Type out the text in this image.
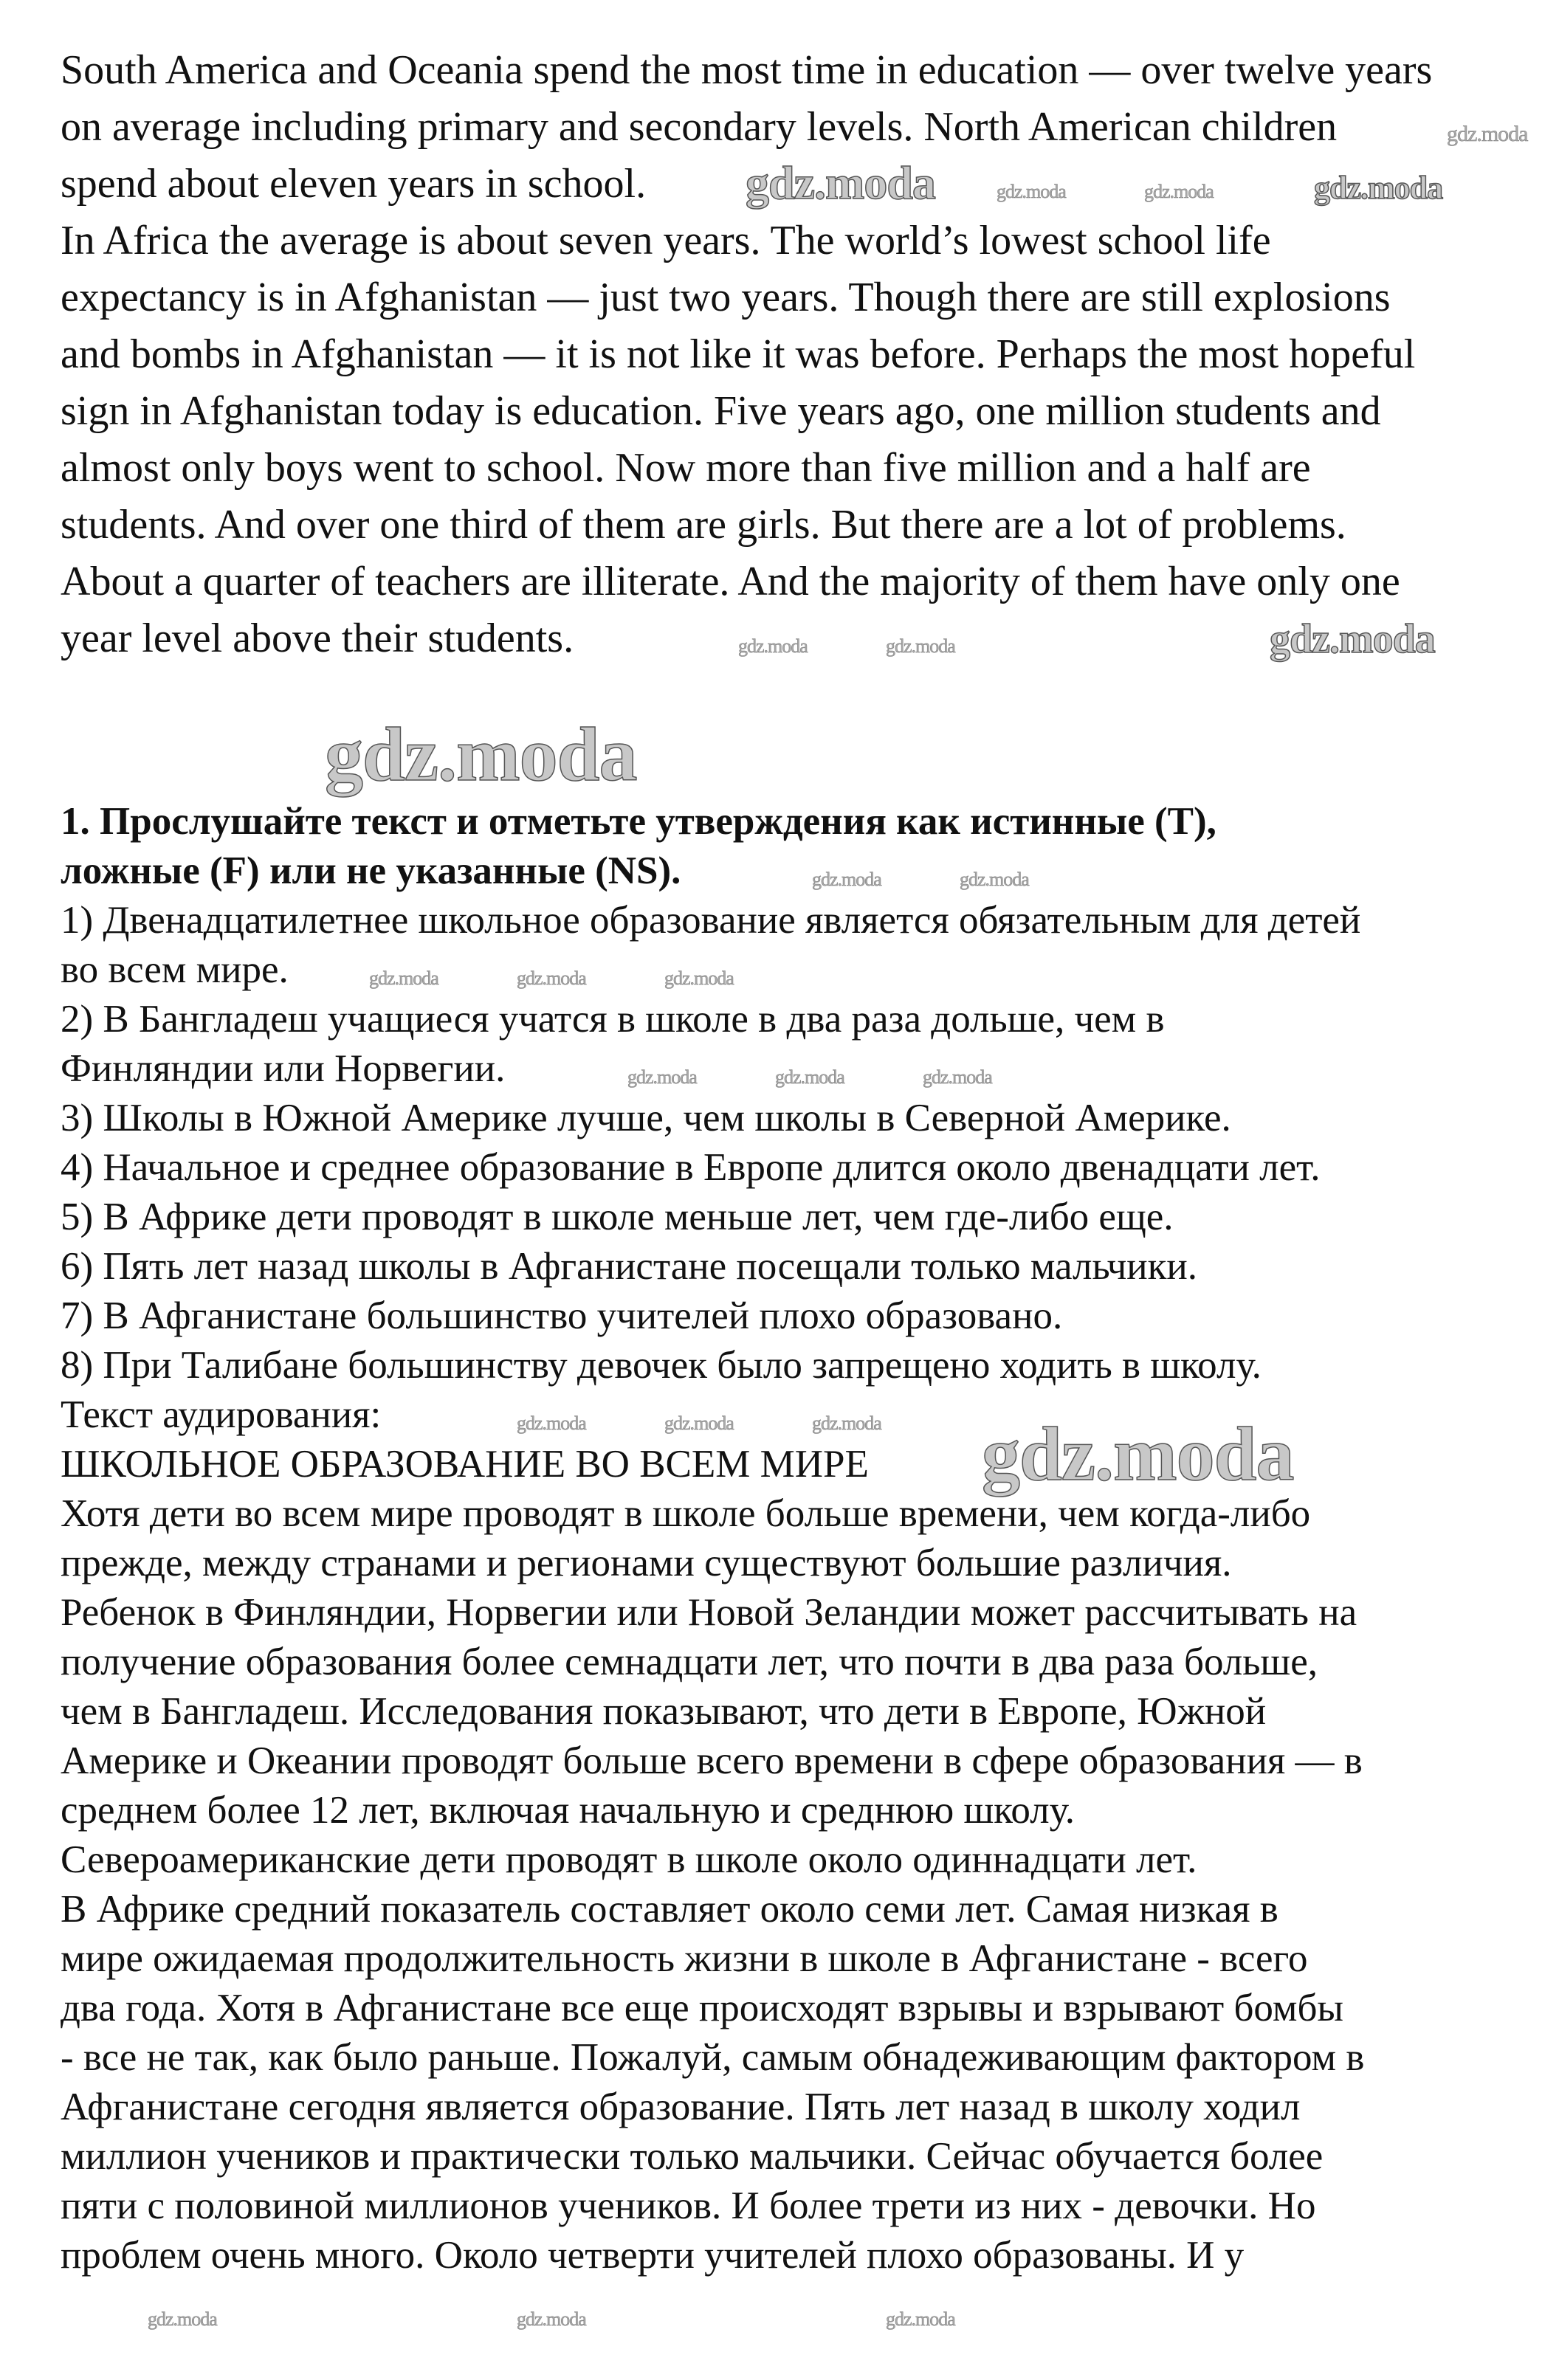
South America and Oceania spend the most time in education — over twelve years
on average including primary and secondary levels. North American children
spend about eleven years in school.
In Africa the average is about seven years. The world’s lowest school life
expectancy is in Afghanistan — just two years. Though there are still explosions
and bombs in Afghanistan — it is not like it was before. Perhaps the most hopeful
sign in Afghanistan today is education. Five years ago, one million students and
almost only boys went to school. Now more than five million and a half are
students. And over one third of them are girls. But there are a lot of problems.
About a quarter of teachers are illiterate. And the majority of them have only one
year level above their students.
1. Прослушайте текст и отметьте утверждения как истинные (T),
ложные (F) или не указанные (NS).
1) Двенадцатилетнее школьное образование является обязательным для детей
во всем мире.
2) В Бангладеш учащиеся учатся в школе в два раза дольше, чем в
Финляндии или Норвегии.
3) Школы в Южной Америке лучше, чем школы в Северной Америке.
4) Начальное и среднее образование в Европе длится около двенадцати лет.
5) В Африке дети проводят в школе меньше лет, чем где-либо еще.
6) Пять лет назад школы в Афганистане посещали только мальчики.
7) В Афганистане большинство учителей плохо образовано.
8) При Талибане большинству девочек было запрещено ходить в школу.
Текст аудирования:
ШКОЛЬНОЕ ОБРАЗОВАНИЕ ВО ВСЕМ МИРЕ
Хотя дети во всем мире проводят в школе больше времени, чем когда-либо
прежде, между странами и регионами существуют большие различия.
Ребенок в Финляндии, Норвегии или Новой Зеландии может рассчитывать на
получение образования более семнадцати лет, что почти в два раза больше,
чем в Бангладеш. Исследования показывают, что дети в Европе, Южной
Америке и Океании проводят больше всего времени в сфере образования — в
среднем более 12 лет, включая начальную и среднюю школу.
Североамериканские дети проводят в школе около одиннадцати лет.
В Африке средний показатель составляет около семи лет. Самая низкая в
мире ожидаемая продолжительность жизни в школе в Афганистане - всего
два года. Хотя в Афганистане все еще происходят взрывы и взрывают бомбы
- все не так, как было раньше. Пожалуй, самым обнадеживающим фактором в
Афганистане сегодня является образование. Пять лет назад в школу ходил
миллион учеников и практически только мальчики. Сейчас обучается более
пяти с половиной миллионов учеников. И более трети из них - девочки. Но
проблем очень много. Около четверти учителей плохо образованы. И у
gdz.moda	gdz.moda
gdz.moda
gdz.moda
gdz.moda
gdz.moda
gdz.moda	gdz.moda
gdz.moda	gdz.moda
gdz.moda	gdz.moda
gdz.moda	gdz.moda	gdz.moda
gdz.moda	gdz.moda	gdz.moda
gdz.moda	gdz.moda	gdz.moda
gdz.moda	gdz.moda	gdz.moda
